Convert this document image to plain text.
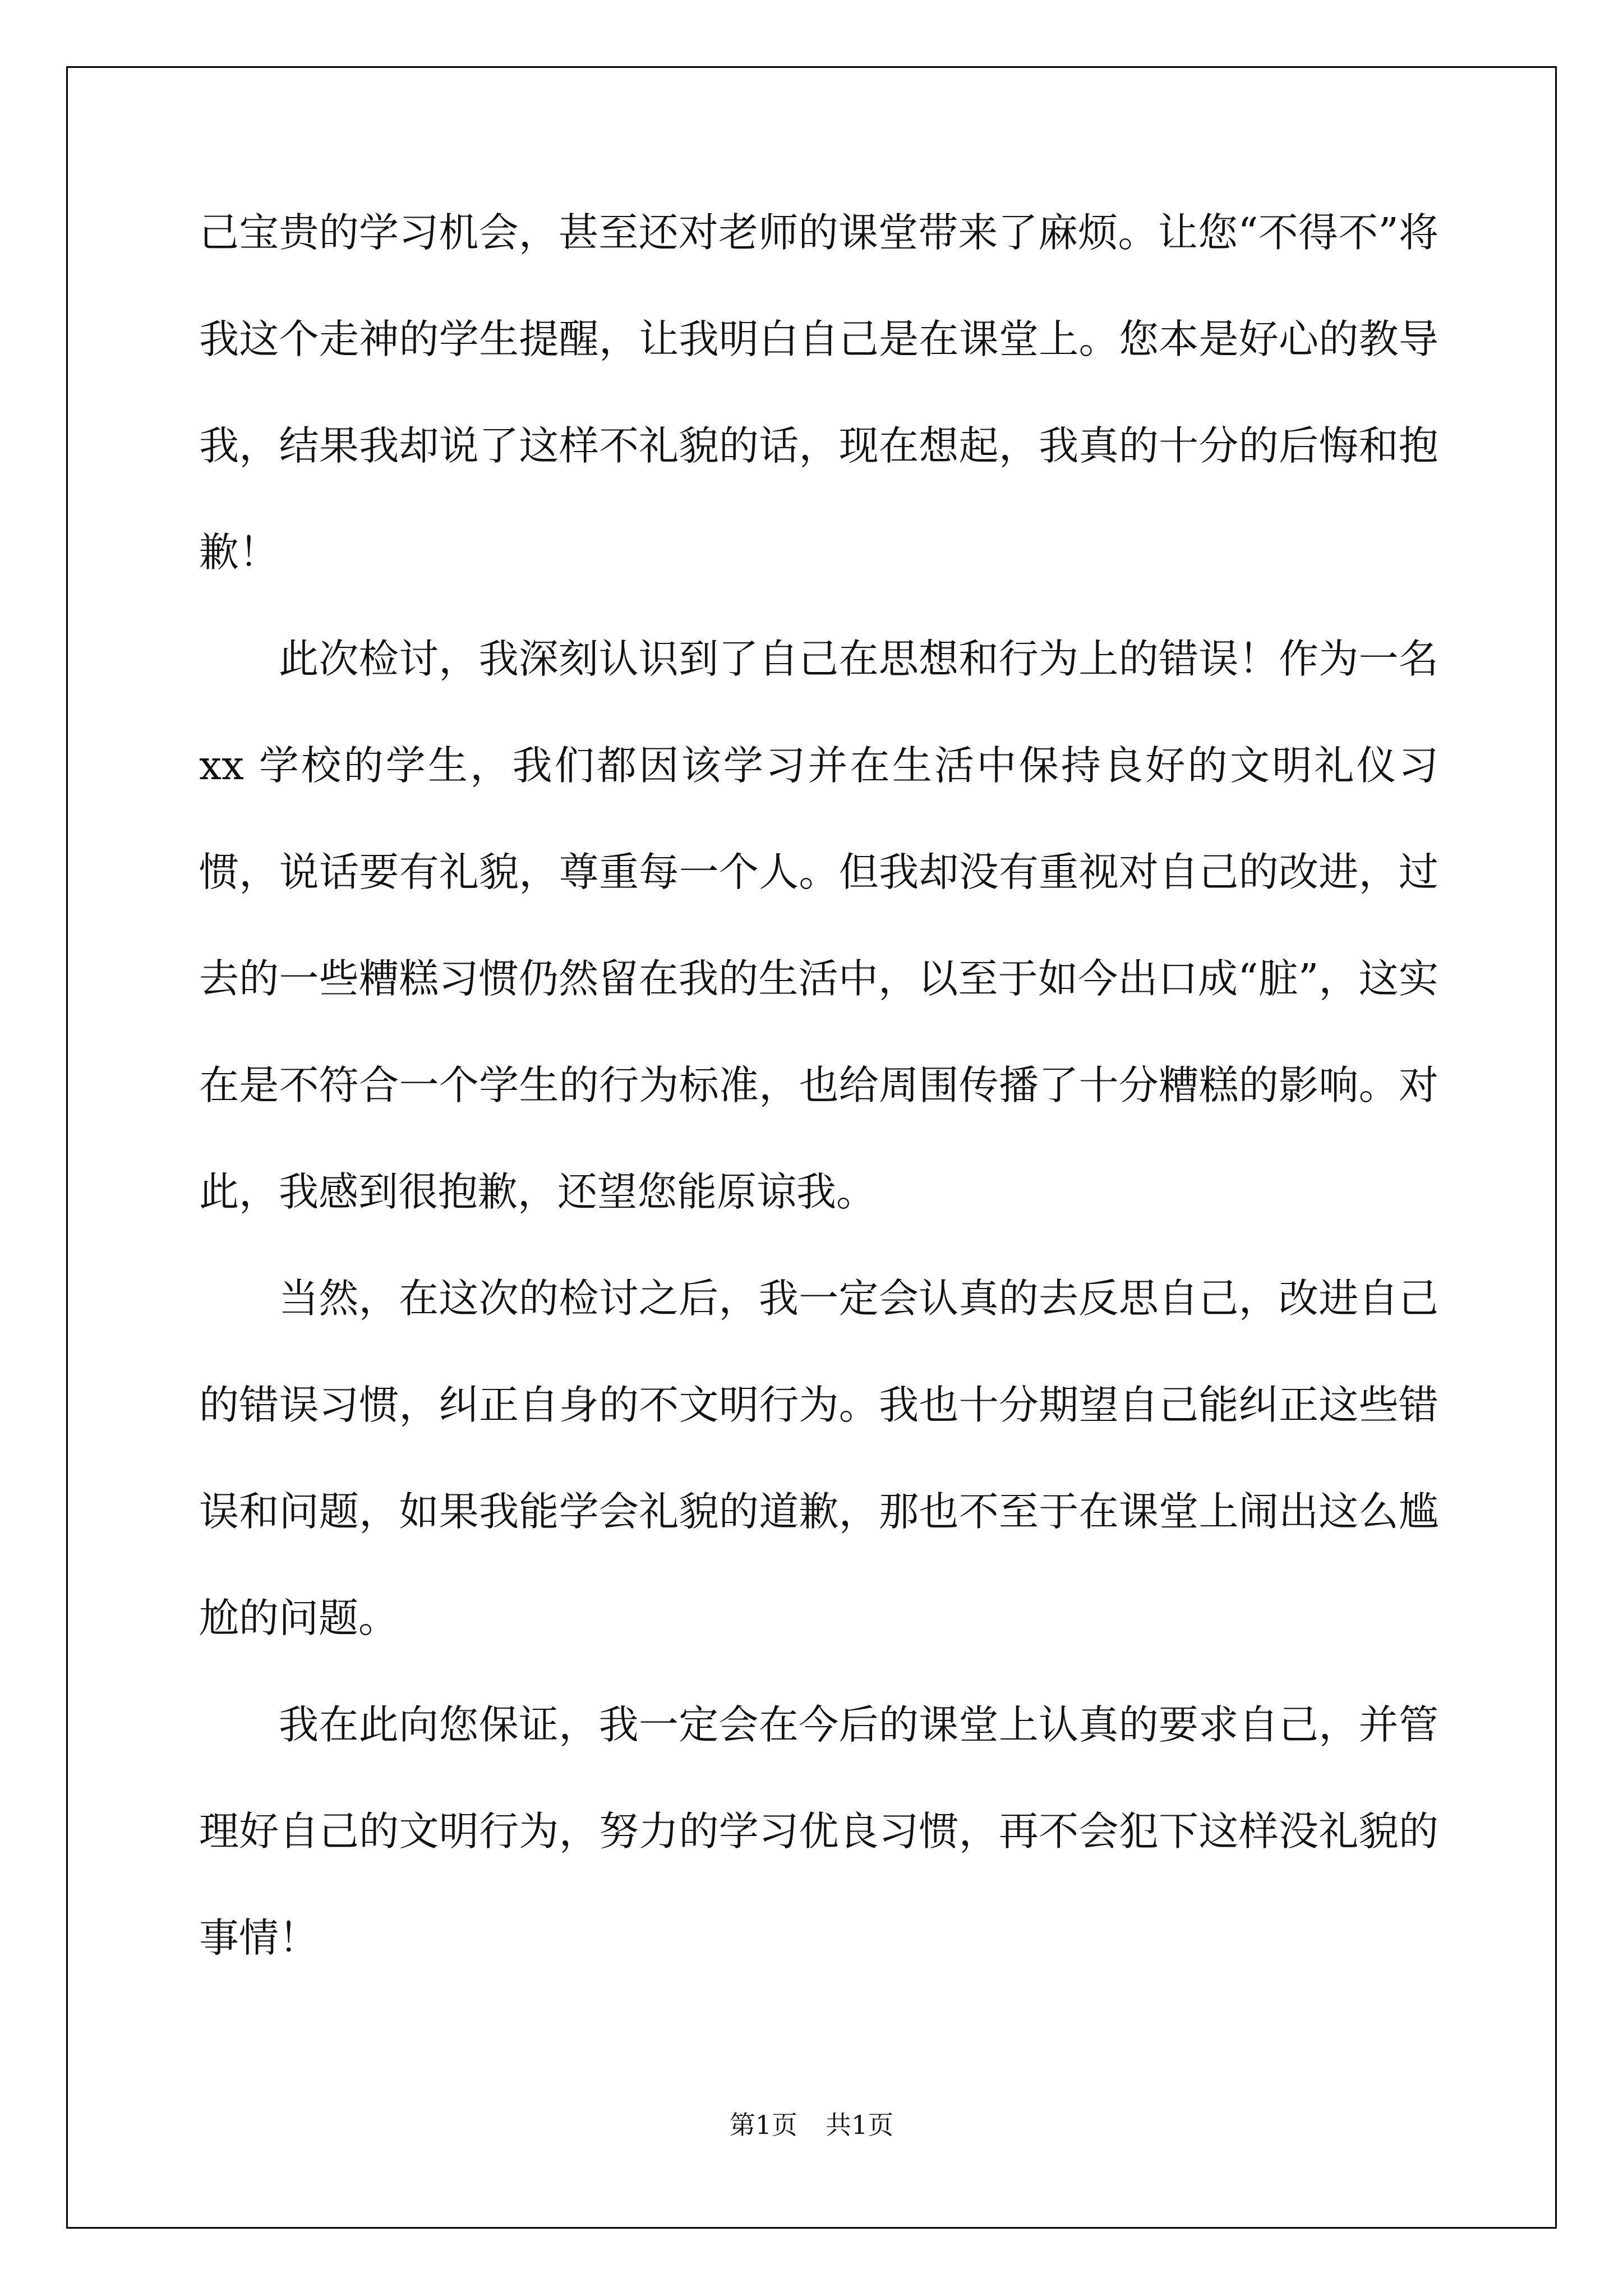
己宝贵的学习机会，甚至还对老师的课堂带来了麻烦。让您“不得不”将我这个走神的学生提醒，让我明白自己是在课堂上。您本是好心的教导我，结果我却说了这样不礼貌的话，现在想起，我真的十分的后悔和抱歉！

此次检讨，我深刻认识到了自己在思想和行为上的错误！作为一名 xx 学校的学生，我们都因该学习并在生活中保持良好的文明礼仪习惯，说话要有礼貌，尊重每一个人。但我却没有重视对自己的改进，过去的一些糟糕习惯仍然留在我的生活中，以至于如今出口成“脏”，这实在是不符合一个学生的行为标准，也给周围传播了十分糟糕的影响。对此，我感到很抱歉，还望您能原谅我。

当然，在这次的检讨之后，我一定会认真的去反思自己，改进自己的错误习惯，纠正自身的不文明行为。我也十分期望自己能纠正这些错误和问题，如果我能学会礼貌的道歉，那也不至于在课堂上闹出这么尴尬的问题。

我在此向您保证，我一定会在今后的课堂上认真的要求自己，并管理好自己的文明行为，努力的学习优良习惯，再不会犯下这样没礼貌的事情！

第1页 共1页
